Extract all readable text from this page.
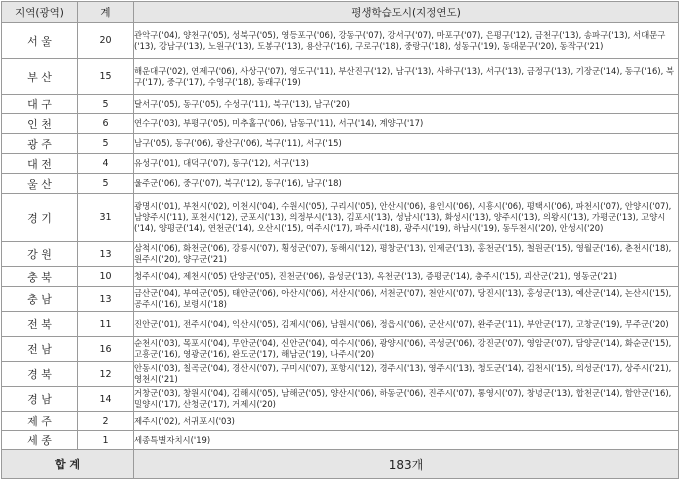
지역(광역)	계	평생학습도시(지정연도)
서 울	20	관악구('04), 양천구('05), 성북구('05), 영등포구('06), 강동구('07), 강서구('07), 마포구('07), 은평구('12), 금천구('13), 송파구('13), 서대문구('13), 강남구('13), 노원구('13), 도봉구('13), 용산구('16), 구로구('18), 중랑구('18), 성동구('19), 동대문구('20), 동작구('21)
부 산	15	해운대구('02), 연제구('06), 사상구('07), 영도구('11), 부산진구('12), 남구('13), 사하구('13), 서구('13), 금정구('13), 기장군('14), 동구('16), 북구('17), 중구('17), 수영구('18), 동래구('19)
대 구	5	달서구('05), 동구('05), 수성구('11), 북구('13), 남구('20)
인 천	6	연수구('03), 부평구('05), 미추홀구('06), 남동구('11), 서구('14), 계양구('17)
광 주	5	남구('05), 동구('06), 광산구('06), 북구('11), 서구('15)
대 전	4	유성구('01), 대덕구('07), 동구('12), 서구('13)
울 산	5	울주군('06), 중구('07), 북구('12), 동구('16), 남구('18)
경 기	31	광명시('01), 부천시('02), 이천시('04), 수원시('05), 구리시('05), 안산시('06), 용인시('06), 시흥시('06), 평택시('06), 파천시('07), 안양시('07), 남양주시('11), 포천시('12), 군포시('13), 의정부시('13), 김포시('13), 성남시('13), 화성시('13), 양주시('13), 의왕시('13), 가평군('13), 고양시('14), 양평군('14), 연천군('14), 오산시('15), 여주시('17), 파주시('18), 광주시('19), 하남시('19), 동두천시('20), 안성시('20)
강 원	13	삼척시('06), 화천군('06), 강릉시('07), 횡성군('07), 동해시('12), 평창군('13), 인제군('13), 홍천군('15), 철원군('15), 영월군('16), 춘천시('18), 원주시('20), 양구군('21)
충 북	10	청주시('04), 제천시('05) 단양군('05), 진천군('06), 음성군('13), 옥천군('13), 증평군('14), 충주시('15), 괴산군('21), 영동군('21)
충 남	13	금산군('04), 부여군('05), 태안군('06), 아산시('06), 서산시('06), 서천군('07), 천안시('07), 당진시('13), 홍성군('13), 예산군('14), 논산시('15), 공주시('16), 보령시('18)
전 북	11	진안군('01), 전주시('04), 익산시('05), 김제시('06), 남원시('06), 정읍시('06), 군산시('07), 완주군('11), 부안군('17), 고창군('19), 무주군('20)
전 남	16	순천시('03), 목포시('04), 무안군('04), 신안군('04), 여수시('06), 광양시('06), 곡성군('06), 강진군('07), 영암군('07), 담양군('14), 화순군('15), 고흥군('16), 영광군('16), 완도군('17), 해남군('19), 나주시('20)
경 북	12	안동시('03), 칠곡군('04), 경산시('07), 구미시('07), 포항시('12), 경주시('13), 영주시('13), 청도군('14), 김천시('15), 의성군('17), 상주시('21), 영천시('21)
경 남	14	거창군('03), 창원시('04), 김해시('05), 남해군('05), 양산시('06), 하동군('06), 진주시('07), 통영시('07), 창녕군('13), 합천군('14), 함안군('16), 밀양시('17), 산청군('17), 거제시('20)
제 주	2	제주시('02), 서귀포시('03)
세 종	1	세종특별자치시('19)
합 계		183개
